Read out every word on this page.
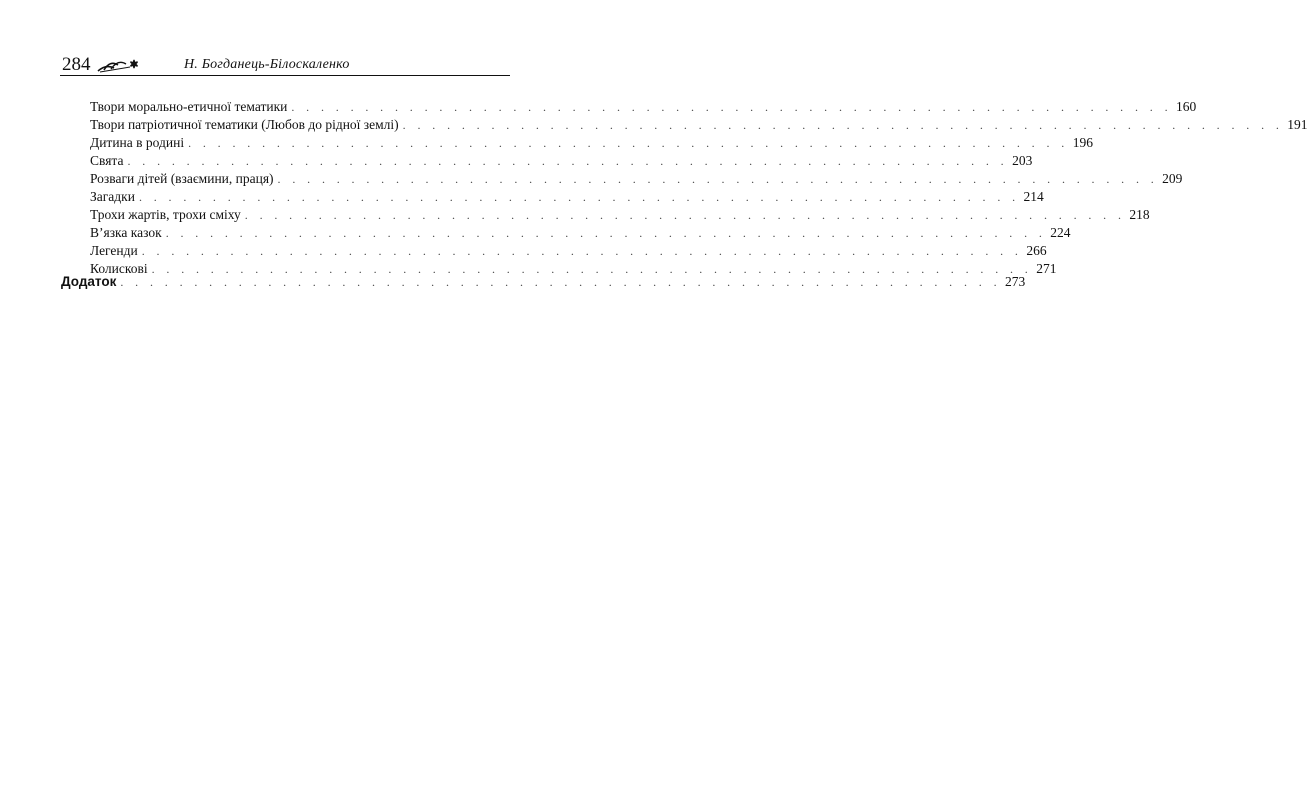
284	Н. Богданець-Білоскаленко
Твори морально-етичної тематики . . . . . . . . . . . . . . . . . . . . . . . . . . . . . . . . . . . . . . . . . . . . . . . . . . . . . . . . . . . . 160
Твори патріотичної тематики (Любов до рідної землі) . . . . . . . . . . . . . . . . . . . . . . . . . . . . . . . . . . . . . . . . . . . . . . . . . . . . . . . . . . . . 191
Дитина в родині . . . . . . . . . . . . . . . . . . . . . . . . . . . . . . . . . . . . . . . . . . . . . . . . . . . . . . . . . . . . 196
Свята . . . . . . . . . . . . . . . . . . . . . . . . . . . . . . . . . . . . . . . . . . . . . . . . . . . . . . . . . . . . 203
Розваги дітей (взаємини, праця) . . . . . . . . . . . . . . . . . . . . . . . . . . . . . . . . . . . . . . . . . . . . . . . . . . . . . . . . . . . . 209
Загадки . . . . . . . . . . . . . . . . . . . . . . . . . . . . . . . . . . . . . . . . . . . . . . . . . . . . . . . . . . . . 214
Трохи жартів, трохи сміху . . . . . . . . . . . . . . . . . . . . . . . . . . . . . . . . . . . . . . . . . . . . . . . . . . . . . . . . . . . . 218
В’язка казок . . . . . . . . . . . . . . . . . . . . . . . . . . . . . . . . . . . . . . . . . . . . . . . . . . . . . . . . . . . . 224
Легенди . . . . . . . . . . . . . . . . . . . . . . . . . . . . . . . . . . . . . . . . . . . . . . . . . . . . . . . . . . . . 266
Колискові . . . . . . . . . . . . . . . . . . . . . . . . . . . . . . . . . . . . . . . . . . . . . . . . . . . . . . . . . . . . 271
Додаток . . . . . . . . . . . . . . . . . . . . . . . . . . . . . . . . . . . . . . . . . . . . . . . . . . . . . . . . . . . . 273
